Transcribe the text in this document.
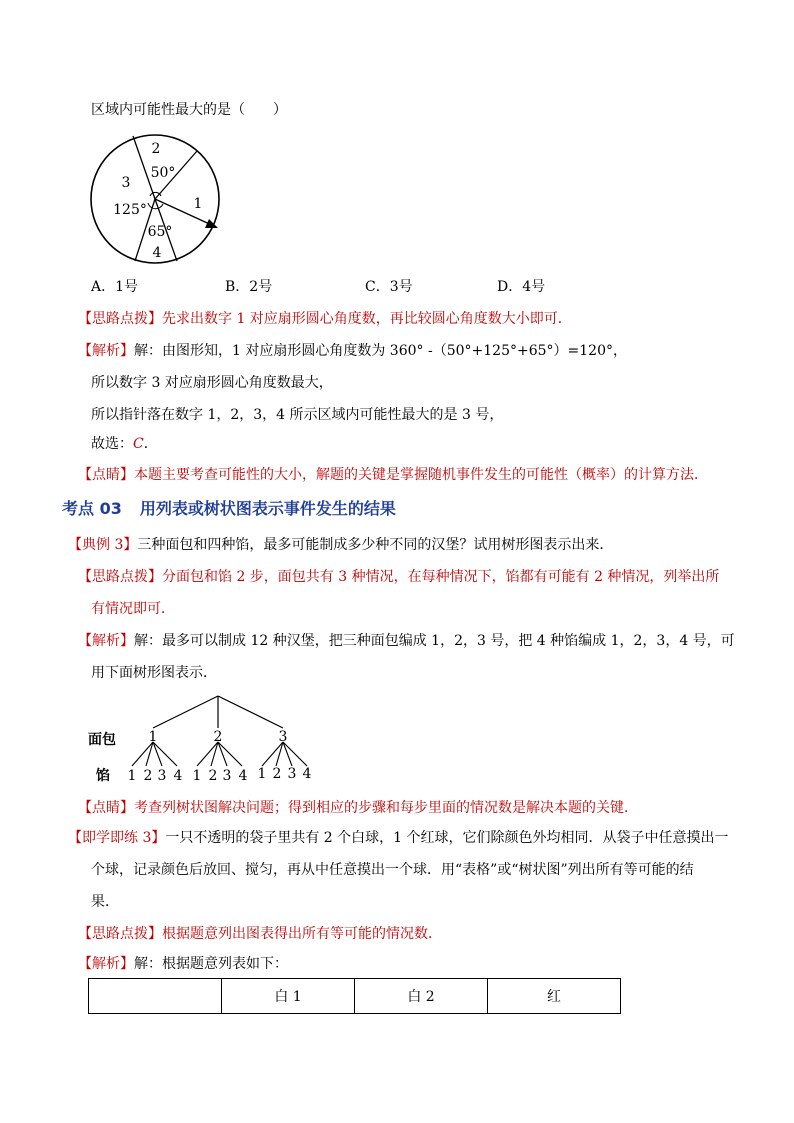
区域内可能性最大的是（　　）
2
50°
3
125°	1
65°
4
A．1号	B．2号	C．3号	D．4号
【思路点拨】先求出数字 1 对应扇形圆心角度数，再比较圆心角度数大小即可．
【解析】解：由图形知，1 对应扇形圆心角度数为 360° -（50°+125°+65°）=120°，
所以数字 3 对应扇形圆心角度数最大，
所以指针落在数字 1，2，3，4 所示区域内可能性最大的是 3 号，
故选：C．
【点睛】本题主要考查可能性的大小，解题的关键是掌握随机事件发生的可能性（概率）的计算方法．
考点 03 用列表或树状图表示事件发生的结果
【典例 3】三种面包和四种馅，最多可能制成多少种不同的汉堡？试用树形图表示出来．
【思路点拨】分面包和馅 2 步，面包共有 3 种情况，在每种情况下，馅都有可能有 2 种情况，列举出所
有情况即可．
【解析】解：最多可以制成 12 种汉堡，把三种面包编成 1，2，3 号，把 4 种馅编成 1，2，3，4 号，可
用下面树形图表示．
面包
馅
1	2	3
1 2 3 4 1 2 3 4 1 2 3 4
【点睛】考查列树状图解决问题；得到相应的步骤和每步里面的情况数是解决本题的关键．
【即学即练 3】一只不透明的袋子里共有 2 个白球，1 个红球，它们除颜色外均相同．从袋子中任意摸出一
个球，记录颜色后放回、搅匀，再从中任意摸出一个球．用“表格”或“树状图”列出所有等可能的结
果．
【思路点拨】根据题意列出图表得出所有等可能的情况数．
【解析】解：根据题意列表如下：
	白 1	白 2	红
